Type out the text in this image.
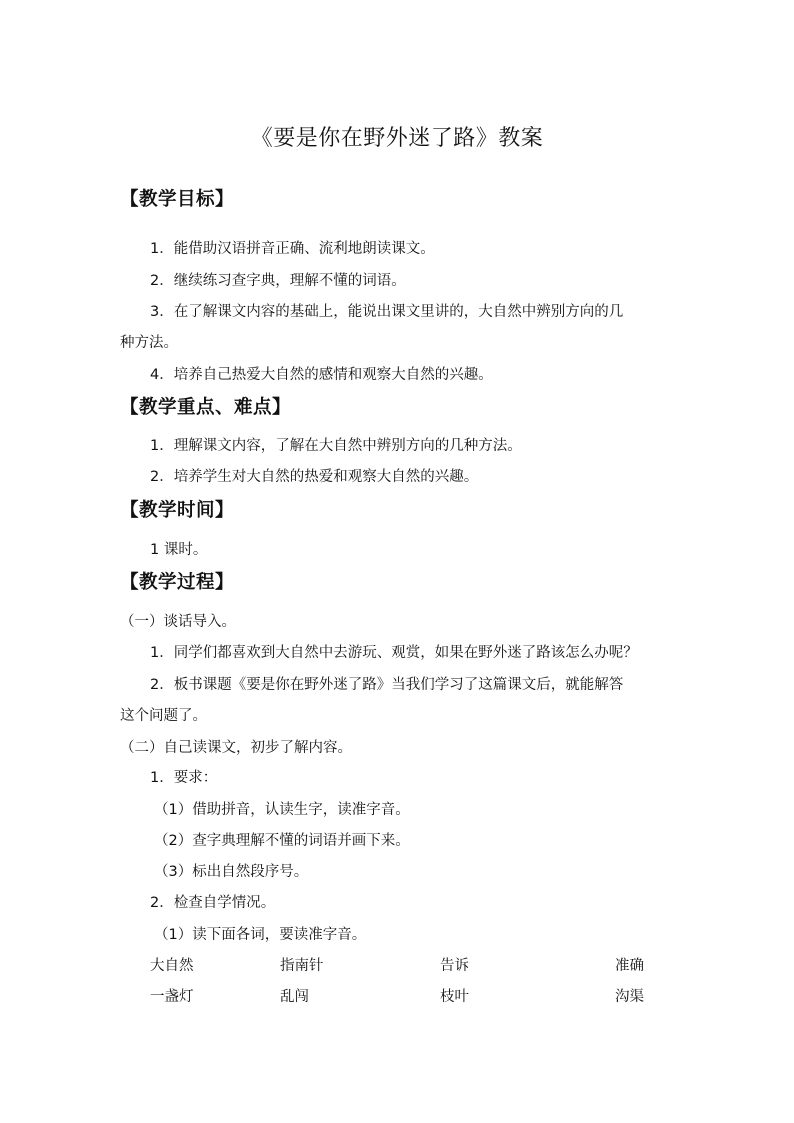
《要是你在野外迷了路》教案
【教学目标】
1．能借助汉语拼音正确、流利地朗读课文。
2．继续练习查字典，理解不懂的词语。
3．在了解课文内容的基础上，能说出课文里讲的，大自然中辨别方向的几
种方法。
4．培养自己热爱大自然的感情和观察大自然的兴趣。
【教学重点、难点】
1．理解课文内容，了解在大自然中辨别方向的几种方法。
2．培养学生对大自然的热爱和观察大自然的兴趣。
【教学时间】
1 课时。
【教学过程】
（一）谈话导入。
1．同学们都喜欢到大自然中去游玩、观赏，如果在野外迷了路该怎么办呢？
2．板书课题《要是你在野外迷了路》当我们学习了这篇课文后，就能解答
这个问题了。
（二）自己读课文，初步了解内容。
1．要求：
（1）借助拼音，认读生字，读准字音。
（2）查字典理解不懂的词语并画下来。
（3）标出自然段序号。
2．检查自学情况。
（1）读下面各词，要读准字音。
大自然	指南针	告诉	准确
一盏灯	乱闯	枝叶	沟渠
